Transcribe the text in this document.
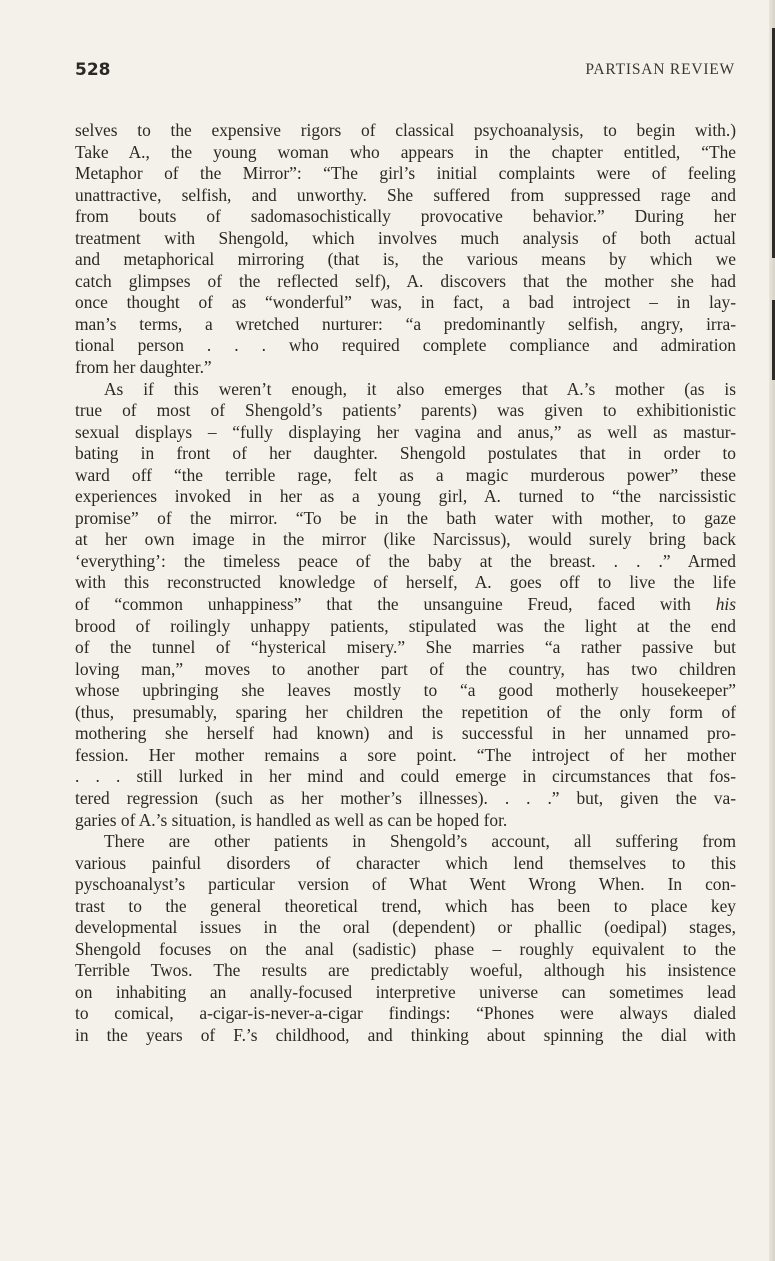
528	PARTISAN REVIEW
selves to the expensive rigors of classical psychoanalysis, to begin with.)
Take A., the young woman who appears in the chapter entitled, “The
Metaphor of the Mirror”: “The girl’s initial complaints were of feeling
unattractive, selfish, and unworthy. She suffered from suppressed rage and
from bouts of sadomasochistically provocative behavior.” During her
treatment with Shengold, which involves much analysis of both actual
and metaphorical mirroring (that is, the various means by which we
catch glimpses of the reflected self), A. discovers that the mother she had
once thought of as “wonderful” was, in fact, a bad introject – in lay-
man’s terms, a wretched nurturer: “a predominantly selfish, angry, irra-
tional person . . . who required complete compliance and admiration
from her daughter.”
As if this weren’t enough, it also emerges that A.’s mother (as is
true of most of Shengold’s patients’ parents) was given to exhibitionistic
sexual displays – “fully displaying her vagina and anus,” as well as mastur-
bating in front of her daughter. Shengold postulates that in order to
ward off “the terrible rage, felt as a magic murderous power” these
experiences invoked in her as a young girl, A. turned to “the narcissistic
promise” of the mirror. “To be in the bath water with mother, to gaze
at her own image in the mirror (like Narcissus), would surely bring back
‘everything’: the timeless peace of the baby at the breast. . . .” Armed
with this reconstructed knowledge of herself, A. goes off to live the life
of “common unhappiness” that the unsanguine Freud, faced with his
brood of roilingly unhappy patients, stipulated was the light at the end
of the tunnel of “hysterical misery.” She marries “a rather passive but
loving man,” moves to another part of the country, has two children
whose upbringing she leaves mostly to “a good motherly housekeeper”
(thus, presumably, sparing her children the repetition of the only form of
mothering she herself had known) and is successful in her unnamed pro-
fession. Her mother remains a sore point. “The introject of her mother
. . . still lurked in her mind and could emerge in circumstances that fos-
tered regression (such as her mother’s illnesses). . . .” but, given the va-
garies of A.’s situation, is handled as well as can be hoped for.
There are other patients in Shengold’s account, all suffering from
various painful disorders of character which lend themselves to this
pyschoanalyst’s particular version of What Went Wrong When. In con-
trast to the general theoretical trend, which has been to place key
developmental issues in the oral (dependent) or phallic (oedipal) stages,
Shengold focuses on the anal (sadistic) phase – roughly equivalent to the
Terrible Twos. The results are predictably woeful, although his insistence
on inhabiting an anally-focused interpretive universe can sometimes lead
to comical, a-cigar-is-never-a-cigar findings: “Phones were always dialed
in the years of F.’s childhood, and thinking about spinning the dial with
